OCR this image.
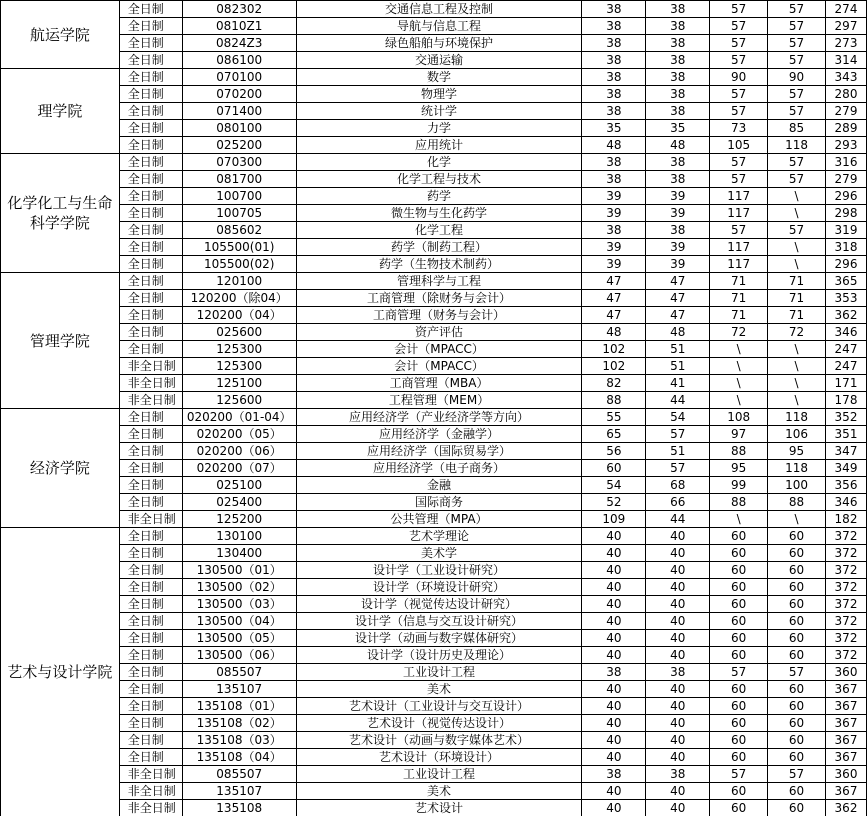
航运学院	全日制	082302	交通信息工程及控制	38	38	57	57	274
	全日制	0810Z1	导航与信息工程	38	38	57	57	297
	全日制	0824Z3	绿色船舶与环境保护	38	38	57	57	273
	全日制	086100	交通运输	38	38	57	57	314
理学院	全日制	070100	数学	38	38	90	90	343
	全日制	070200	物理学	38	38	57	57	280
	全日制	071400	统计学	38	38	57	57	279
	全日制	080100	力学	35	35	73	85	289
	全日制	025200	应用统计	48	48	105	118	293
化学化工与生命科学学院	全日制	070300	化学	38	38	57	57	316
	全日制	081700	化学工程与技术	38	38	57	57	279
	全日制	100700	药学	39	39	117	\	296
	全日制	100705	微生物与生化药学	39	39	117	\	298
	全日制	085602	化学工程	38	38	57	57	319
	全日制	105500(01)	药学（制药工程）	39	39	117	\	318
	全日制	105500(02)	药学（生物技术制药）	39	39	117	\	296
管理学院	全日制	120100	管理科学与工程	47	47	71	71	365
	全日制	120200（除04）	工商管理（除财务与会计）	47	47	71	71	353
	全日制	120200（04）	工商管理（财务与会计）	47	47	71	71	362
	全日制	025600	资产评估	48	48	72	72	346
	全日制	125300	会计（MPACC）	102	51	\	\	247
	非全日制	125300	会计（MPACC）	102	51	\	\	247
	非全日制	125100	工商管理（MBA）	82	41	\	\	171
	非全日制	125600	工程管理（MEM）	88	44	\	\	178
经济学院	全日制	020200（01-04）	应用经济学（产业经济学等方向）	55	54	108	118	352
	全日制	020200（05）	应用经济学（金融学）	65	57	97	106	351
	全日制	020200（06）	应用经济学（国际贸易学）	56	51	88	95	347
	全日制	020200（07）	应用经济学（电子商务）	60	57	95	118	349
	全日制	025100	金融	54	68	99	100	356
	全日制	025400	国际商务	52	66	88	88	346
	非全日制	125200	公共管理（MPA）	109	44	\	\	182
艺术与设计学院	全日制	130100	艺术学理论	40	40	60	60	372
	全日制	130400	美术学	40	40	60	60	372
	全日制	130500（01）	设计学（工业设计研究）	40	40	60	60	372
	全日制	130500（02）	设计学（环境设计研究）	40	40	60	60	372
	全日制	130500（03）	设计学（视觉传达设计研究）	40	40	60	60	372
	全日制	130500（04）	设计学（信息与交互设计研究）	40	40	60	60	372
	全日制	130500（05）	设计学（动画与数字媒体研究）	40	40	60	60	372
	全日制	130500（06）	设计学（设计历史及理论）	40	40	60	60	372
	全日制	085507	工业设计工程	38	38	57	57	360
	全日制	135107	美术	40	40	60	60	367
	全日制	135108（01）	艺术设计（工业设计与交互设计）	40	40	60	60	367
	全日制	135108（02）	艺术设计（视觉传达设计）	40	40	60	60	367
	全日制	135108（03）	艺术设计（动画与数字媒体艺术）	40	40	60	60	367
	全日制	135108（04）	艺术设计（环境设计）	40	40	60	60	367
	非全日制	085507	工业设计工程	38	38	57	57	360
	非全日制	135107	美术	40	40	60	60	367
	非全日制	135108	艺术设计	40	40	60	60	362
